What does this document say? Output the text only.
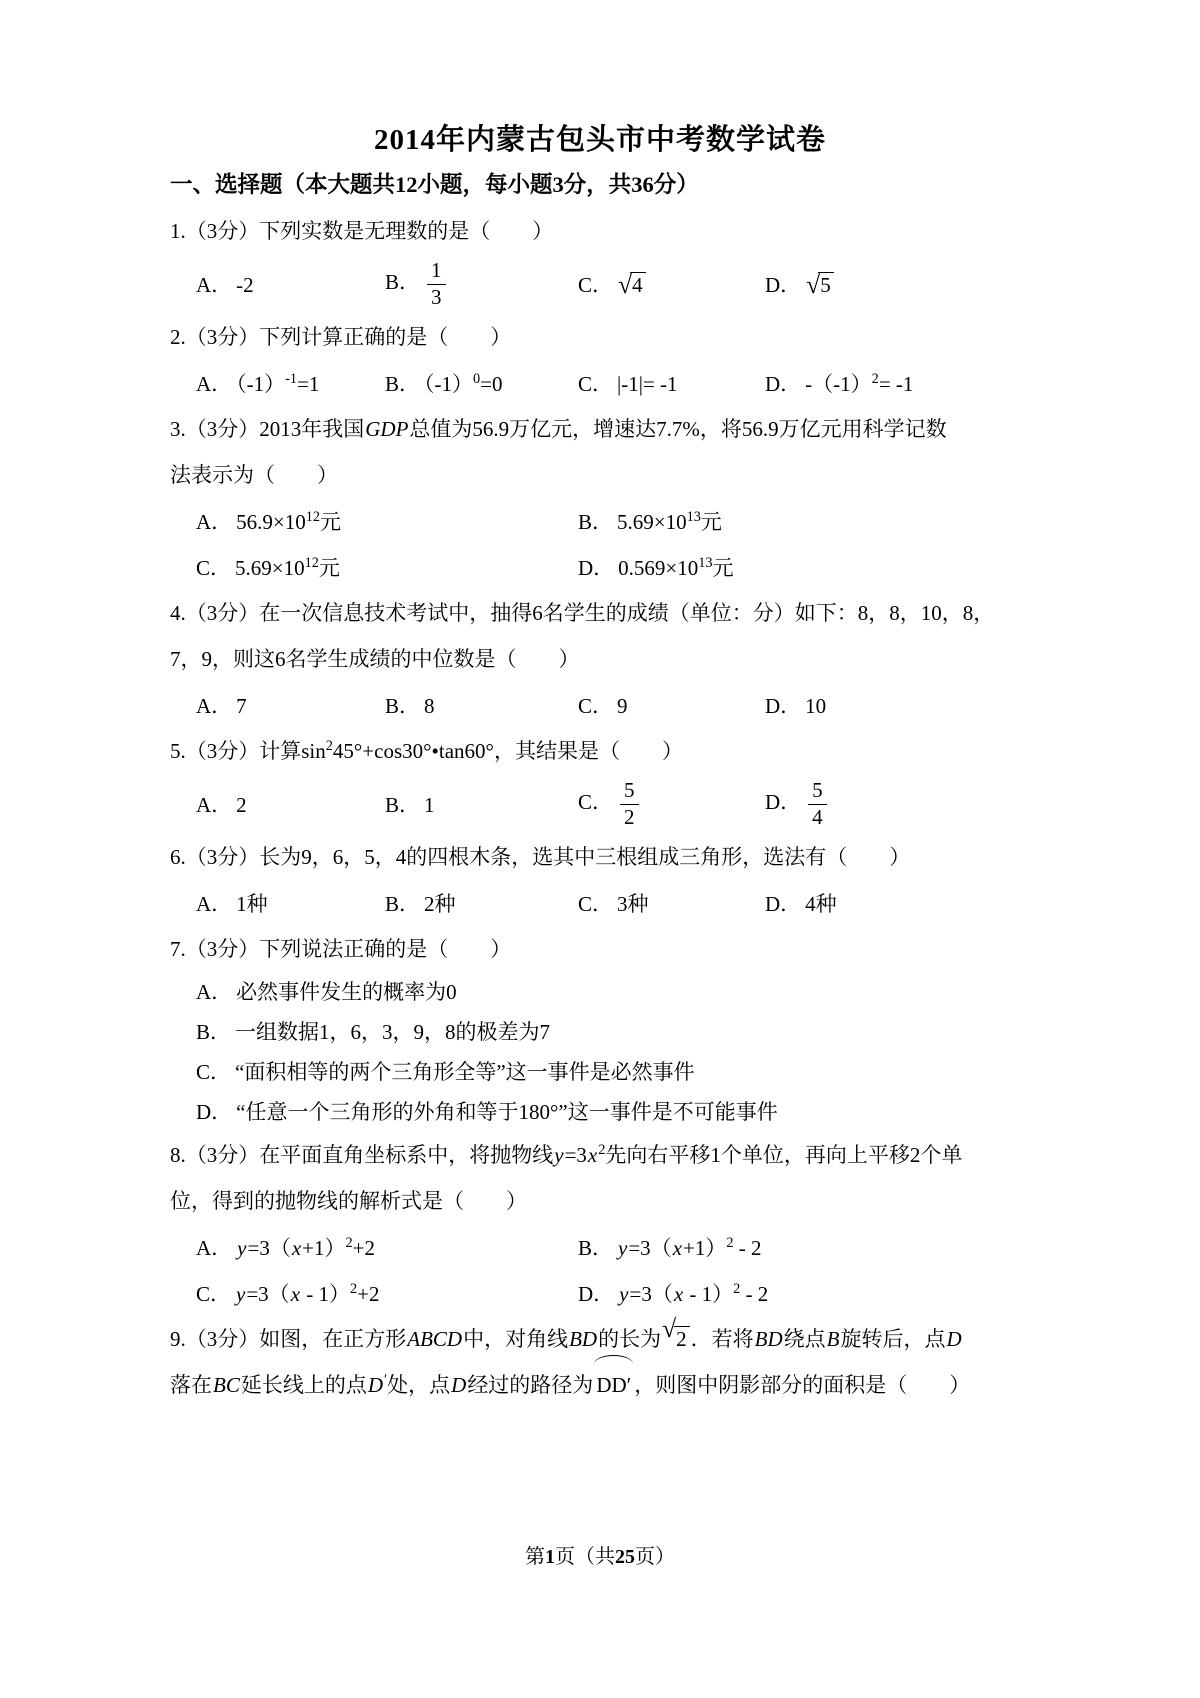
2014年内蒙古包头市中考数学试卷
一、选择题（本大题共12小题，每小题3分，共36分）
1.（3分）下列实数是无理数的是（　　）
A． -2	B． $\frac{1}{3}$	C． √4	D． √5
2.（3分）下列计算正确的是（　　）
A． $(-1)^{-1}=1$	B． $(-1)^0=0$	C． |-1|= -1	D． $-(-1)^2= -1$
3.（3分）2013年我国GDP总值为56.9万亿元，增速达7.7%，将56.9万亿元用科学记数
法表示为（　　）
A． $56.9\times 10^{12}$元	B． $5.69\times 10^{13}$元
C． $5.69\times 10^{12}$元	D． $0.569\times 10^{13}$元
4.（3分）在一次信息技术考试中，抽得6名学生的成绩（单位：分）如下：8，8，10，8，
7，9，则这6名学生成绩的中位数是（　　）
A． 7	B． 8	C． 9	D． 10
5.（3分）计算$\sin^245^\circ+\cos 30^\circ•\tan 60^\circ$，其结果是（　　）
A． 2	B． 1	C． $\frac{5}{2}$	D． $\frac{5}{4}$
6.（3分）长为9，6，5，4的四根木条，选其中三根组成三角形，选法有（　　）
A． 1种	B． 2种	C． 3种	D． 4种
7.（3分）下列说法正确的是（　　）
A． 必然事件发生的概率为0
B． 一组数据1，6，3，9，8的极差为7
C． “面积相等的两个三角形全等”这一事件是必然事件
D． “任意一个三角形的外角和等于180°”这一事件是不可能事件
8.（3分）在平面直角坐标系中，将抛物线$y=3x^2$先向右平移1个单位，再向上平移2个单
位，得到的抛物线的解析式是（　　）
A． $y=3(x+1)^2+2$	B． $y=3(x+1)^2 - 2$
C． y=3（x - 1）$^2$+2	D． y=3（x - 1）$^2$ - 2
9.（3分）如图，在正方形ABCD中，对角线BD的长为√2 ．若将BD绕点B旋转后，点D
落在BC延长线上的点D′处，点D经过的路径为 DD′ ，则图中阴影部分的面积是（　　）
第1页（共25页）
